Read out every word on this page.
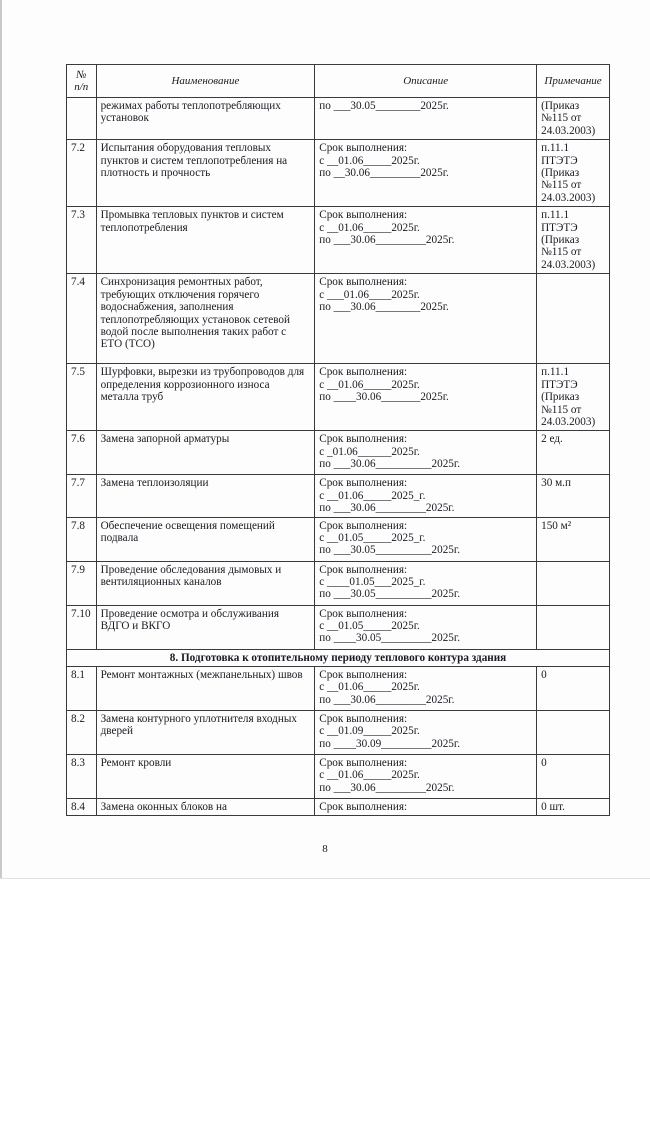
№ п/п	Наименование	Описание	Примечание
	режимах работы теплопотребляющих установок	по ___30.05________2025г.	(Приказ №115 от 24.03.2003)
7.2	Испытания оборудования тепловых пунктов и систем теплопотребления на плотность и прочность	Срок выполнения:
с __01.06_____2025г.
по __30.06_________2025г.	п.11.1 ПТЭТЭ (Приказ №115 от 24.03.2003)
7.3	Промывка тепловых пунктов и систем теплопотребления	Срок выполнения:
с __01.06_____2025г.
по ___30.06_________2025г.	п.11.1 ПТЭТЭ (Приказ №115 от 24.03.2003)
7.4	Синхронизация ремонтных работ, требующих отключения горячего водоснабжения, заполнения теплопотребляющих установок сетевой водой после выполнения таких работ с ЕТО (ТСО)	Срок выполнения:
с ___01.06____2025г.
по ___30.06________2025г.	

7.5	Шурфовки, вырезки из трубопроводов для определения коррозионного износа металла труб	Срок выполнения:
с __01.06_____2025г.
по ____30.06_______2025г.	п.11.1 ПТЭТЭ (Приказ №115 от 24.03.2003)
7.6	Замена запорной арматуры	Срок выполнения:
с _01.06______2025г.
по ___30.06__________2025г.	2 ед.
7.7	Замена теплоизоляции	Срок выполнения:
с __01.06_____2025_г.
по ___30.06_________2025г.	30 м.п
7.8	Обеспечение освещения помещений подвала	Срок выполнения:
с __01.05_____2025_г.
по ___30.05__________2025г.	150 м²
7.9	Проведение обследования дымовых и вентиляционных каналов	Срок выполнения:
с ____01.05___2025_г.
по ___30.05__________2025г.	

7.10	Проведение осмотра и обслуживания ВДГО и ВКГО	Срок выполнения:
с __01.05_____2025г.
по ____30.05_________2025г.	

8. Подготовка к отопительному периоду теплового контура здания			
8.1	Ремонт монтажных (межпанельных) швов	Срок выполнения:
с __01.06_____2025г.
по ___30.06_________2025г.	0
8.2	Замена контурного уплотнителя входных дверей	Срок выполнения:
с __01.09_____2025г.
по ____30.09_________2025г.	

8.3	Ремонт кровли	Срок выполнения:
с __01.06_____2025г.
по ___30.06_________2025г.	0
8.4	Замена оконных блоков на	Срок выполнения:	0 шт.
8
